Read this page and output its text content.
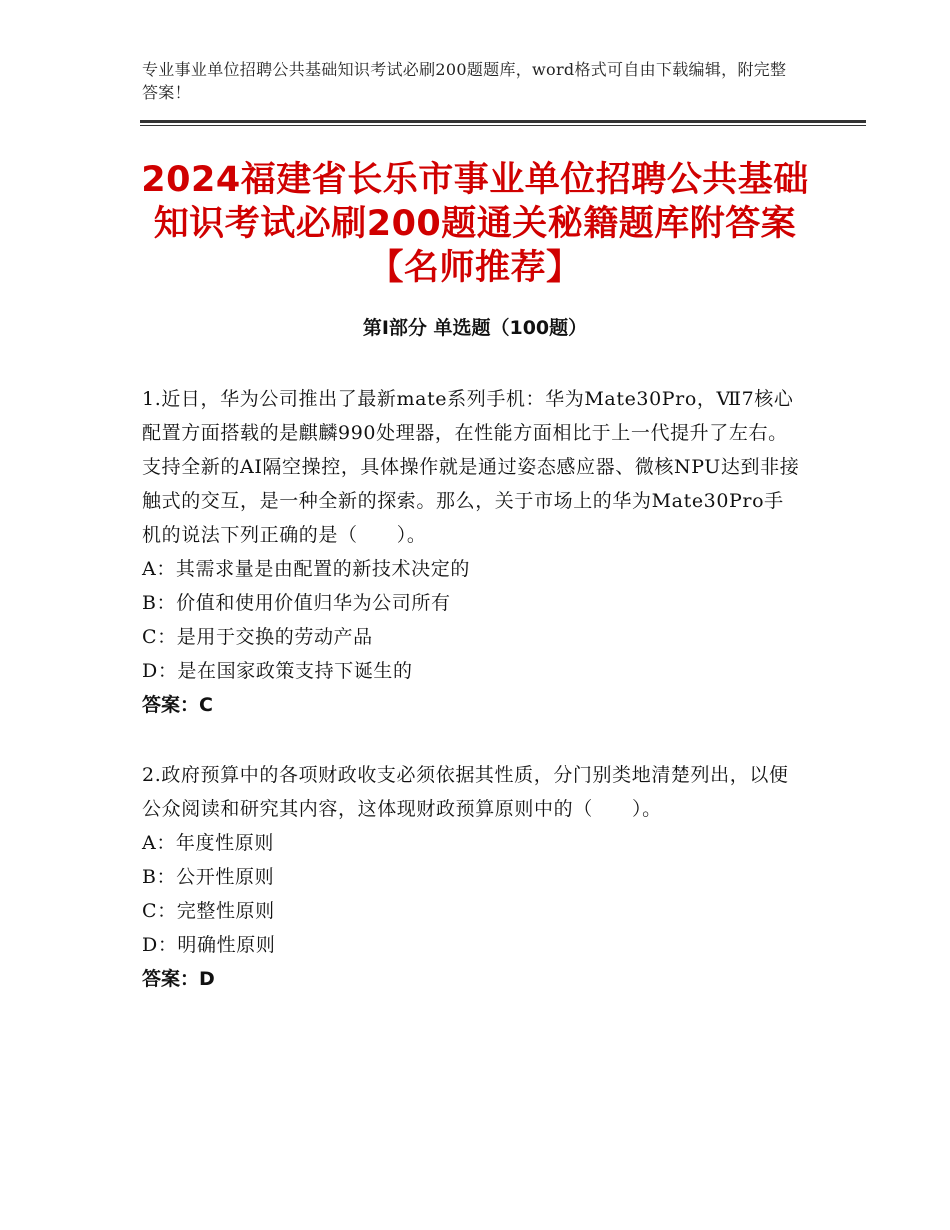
专业事业单位招聘公共基础知识考试必刷200题题库，word格式可自由下载编辑，附完整答案！
2024福建省长乐市事业单位招聘公共基础知识考试必刷200题通关秘籍题库附答案【名师推荐】
第Ⅰ部分 单选题（100题）

1.近日，华为公司推出了最新mate系列手机：华为Mate30Pro，Ⅶ7核心配置方面搭载的是麒麟990处理器，在性能方面相比于上一代提升了左右。支持全新的AI隔空操控，具体操作就是通过姿态感应器、微核NPU达到非接触式的交互，是一种全新的探索。那么，关于市场上的华为Mate30Pro手机的说法下列正确的是（　　）。

A：其需求量是由配置的新技术决定的

B：价值和使用价值归华为公司所有

C：是用于交换的劳动产品

D：是在国家政策支持下诞生的

答案：C

2.政府预算中的各项财政收支必须依据其性质，分门别类地清楚列出，以便公众阅读和研究其内容，这体现财政预算原则中的（　　）。

A：年度性原则

B：公开性原则

C：完整性原则

D：明确性原则

答案：D
